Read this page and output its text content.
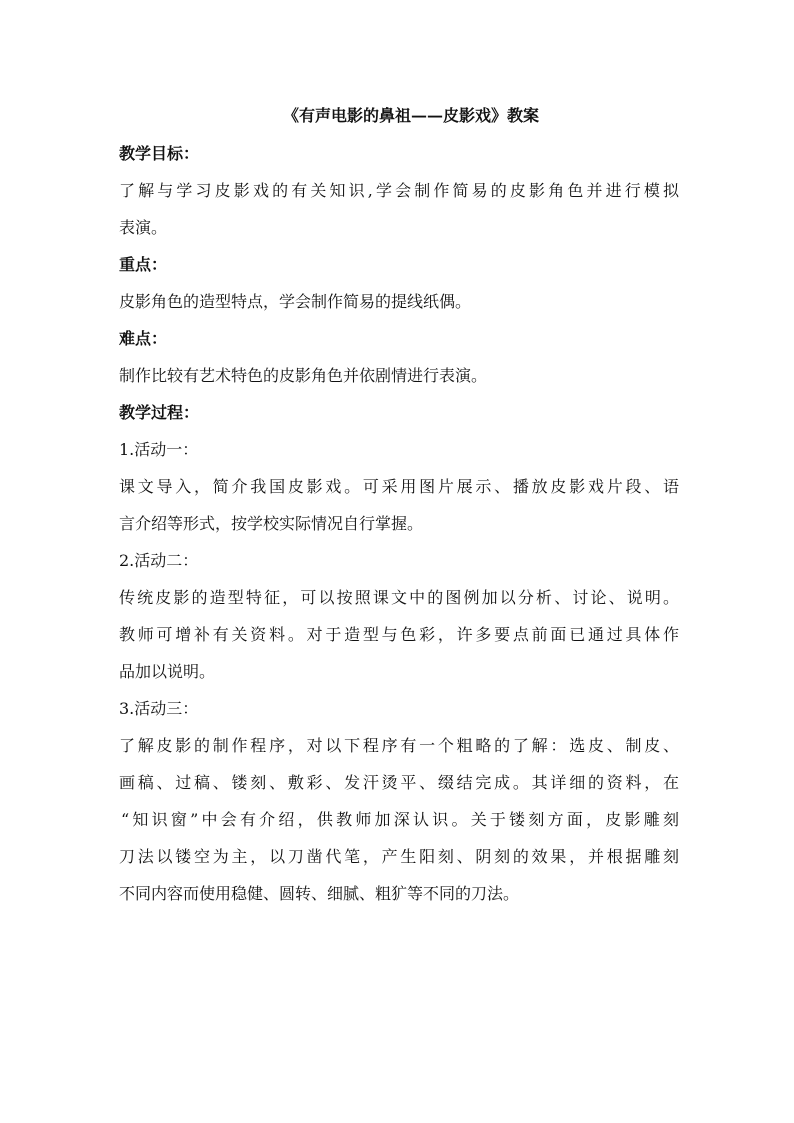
《有声电影的鼻祖——皮影戏》教案
教学目标：
了解与学习皮影戏的有关知识,学会制作简易的皮影角色并进行模拟
表演。
重点：
皮影角色的造型特点，学会制作简易的提线纸偶。
难点：
制作比较有艺术特色的皮影角色并依剧情进行表演。
教学过程：
1.活动一：
课文导入，简介我国皮影戏。可采用图片展示、播放皮影戏片段、语
言介绍等形式，按学校实际情况自行掌握。
2.活动二：
传统皮影的造型特征，可以按照课文中的图例加以分析、讨论、说明。
教师可增补有关资料。对于造型与色彩，许多要点前面已通过具体作
品加以说明。
3.活动三：
了解皮影的制作程序，对以下程序有一个粗略的了解：选皮、制皮、
画稿、过稿、镂刻、敷彩、发汗烫平、缀结完成。其详细的资料，在
“知识窗”中会有介绍，供教师加深认识。关于镂刻方面，皮影雕刻
刀法以镂空为主，以刀凿代笔，产生阳刻、阴刻的效果，并根据雕刻
不同内容而使用稳健、圆转、细腻、粗犷等不同的刀法。
